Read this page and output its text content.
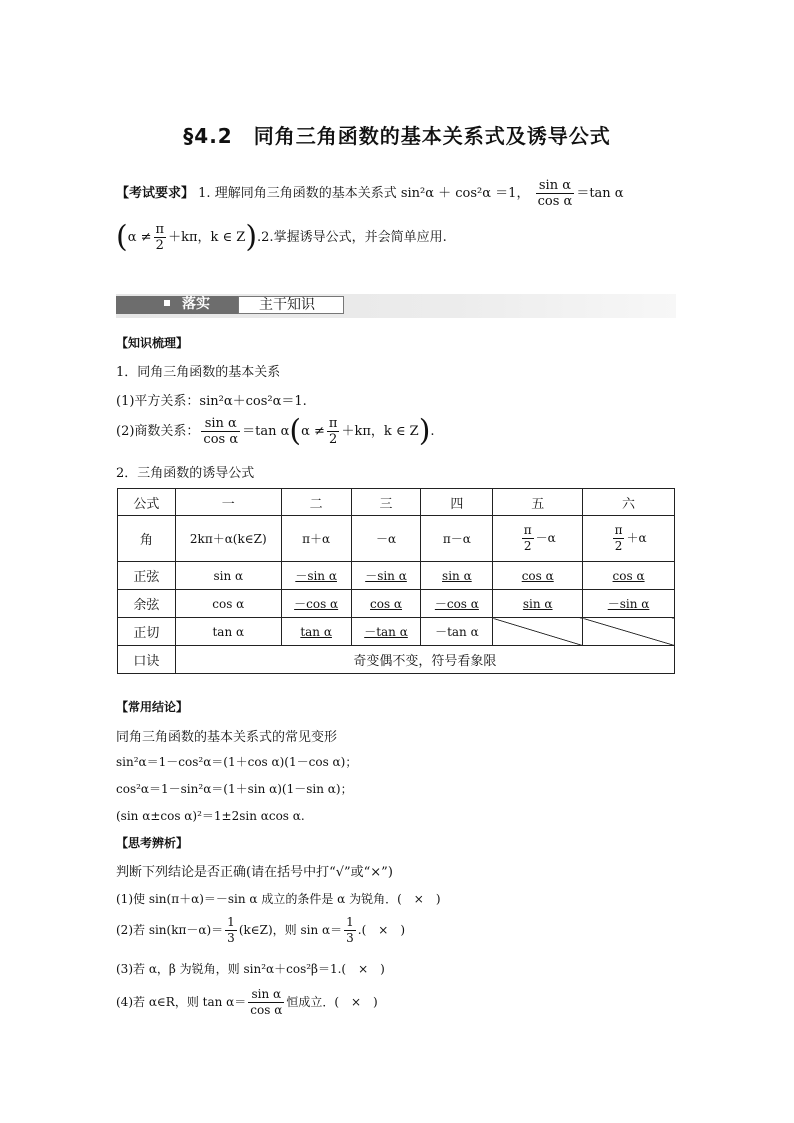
§4.2　同角三角函数的基本关系式及诱导公式
【考试要求】 1. 理解同角三角函数的基本关系式 sin²α ＋ cos²α ＝1， $\frac{\text{sin α}}{\text{cos α}} =\tan$ α
($\alpha \ne \frac{\pi}{2} +k\pi$，k ∈ Z).2.掌握诱导公式，并会简单应用.
落实	主干知识
【知识梳理】
1．同角三角函数的基本关系
(1)平方关系：sin²α＋cos²α＝1.
(2)商数关系： $\frac{\text{sin α}}{\text{cos α}} =\tan$ $\alpha(\alpha \ne \frac{\pi}{2} +k\pi$，k ∈ Z).
2．三角函数的诱导公式
公式	一	二	三	四	五	六
角	2kπ＋α(k∈Z)	π＋α	－α	π－α	$\frac{\pi}{2} -\alpha$	$\frac{\pi}{2} +\alpha$
正弦	sin α	－sin α	－sin α	sin α	cos α	cos α
余弦	cos α	－cos α	cos α	－cos α	sin α	－sin α
正切	tan α	tan α	－tan α	－tan α		
口诀	奇变偶不变，符号看象限					
【常用结论】
同角三角函数的基本关系式的常见变形
sin²α＝1－cos²α＝(1＋cos α)(1－cos α)；
cos²α＝1－sin²α＝(1＋sin α)(1－sin α)；
(sin α±cos α)²＝1±2sin αcos α.
【思考辨析】
判断下列结论是否正确(请在括号中打“√”或“×”)
(1)使 sin(π＋α)＝－sin α 成立的条件是 α 为锐角．(　×　)
(2)若 $\sin(k\pi-\alpha)= \frac{1}{3}$ (k∈Z)，则 $\sin \alpha= \frac{1}{3}$ .(　×　)
(3)若 α，β 为锐角，则 sin²α＋cos²β＝1.(　×　)
(4)若 α∈R，则 $\tan \alpha= \frac{\text{sin α}}{\text{cos α}}$ 恒成立．(　×　)
